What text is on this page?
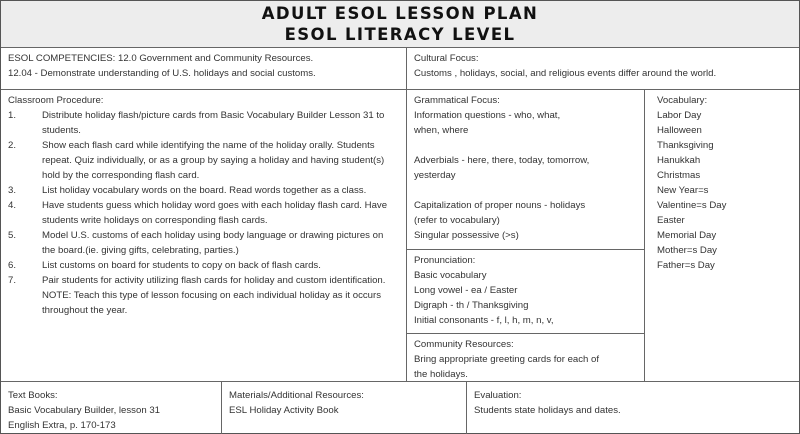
ADULT ESOL LESSON PLAN
ESOL LITERACY LEVEL
ESOL COMPETENCIES: 12.0 Government and Community Resources.
12.04 - Demonstrate understanding of U.S. holidays and social customs.
Cultural Focus:
Customs , holidays, social, and religious events differ around the world.
Classroom Procedure:
1.	Distribute holiday flash/picture cards from Basic Vocabulary Builder Lesson 31 to students.
2.	Show each flash card while identifying the name of the holiday orally. Students repeat. Quiz individually, or as a group by saying a holiday and having student(s) hold by the corresponding flash card.
3.	List holiday vocabulary words on the board. Read words together as a class.
4.	Have students guess which holiday word goes with each holiday flash card. Have students write holidays on corresponding flash cards.
5.	Model U.S. customs of each holiday using body language or drawing pictures on the board.(ie. giving gifts, celebrating, parties.)
6.	List customs on board for students to copy on back of flash cards.
7.	Pair students for activity utilizing flash cards for holiday and custom identification.
NOTE: Teach this type of lesson focusing on each individual holiday as it occurs throughout the year.
Grammatical Focus:
Information questions - who, what,
when, where
Adverbials - here, there, today, tomorrow,
yesterday
Capitalization of proper nouns - holidays
(refer to vocabulary)
Singular possessive (>s)
Pronunciation:
Basic vocabulary
Long vowel - ea / Easter
Digraph - th / Thanksgiving
Initial consonants - f, l, h, m, n, v,
Community Resources:
Bring appropriate greeting cards for each of
the holidays.
Vocabulary:
Labor Day
Halloween
Thanksgiving
Hanukkah
Christmas
New Year=s
Valentine=s Day
Easter
Memorial Day
Mother=s Day
Father=s Day
Text Books:
Basic Vocabulary Builder, lesson 31
English Extra, p. 170-173
Materials/Additional Resources:
ESL Holiday Activity Book
Evaluation:
Students state holidays and dates.
